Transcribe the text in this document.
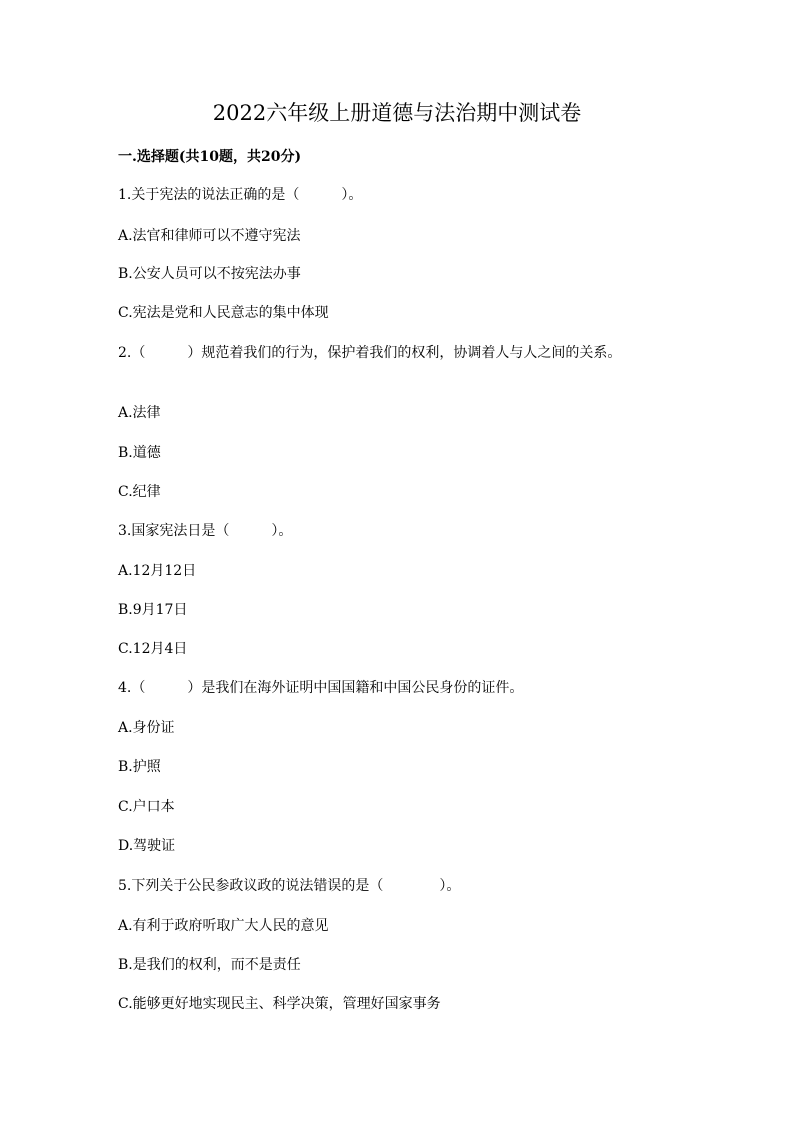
2022六年级上册道德与法治期中测试卷
一.选择题(共10题，共20分)
1.关于宪法的说法正确的是（　　　）。
A.法官和律师可以不遵守宪法
B.公安人员可以不按宪法办事
C.宪法是党和人民意志的集中体现
2.（　　　）规范着我们的行为，保护着我们的权利，协调着人与人之间的关系。
A.法律
B.道德
C.纪律
3.国家宪法日是（　　　）。
A.12月12日
B.9月17日
C.12月4日
4.（　　　）是我们在海外证明中国国籍和中国公民身份的证件。
A.身份证
B.护照
C.户口本
D.驾驶证
5.下列关于公民参政议政的说法错误的是（　　　　）。
A.有利于政府听取广大人民的意见
B.是我们的权利，而不是责任
C.能够更好地实现民主、科学决策，管理好国家事务
